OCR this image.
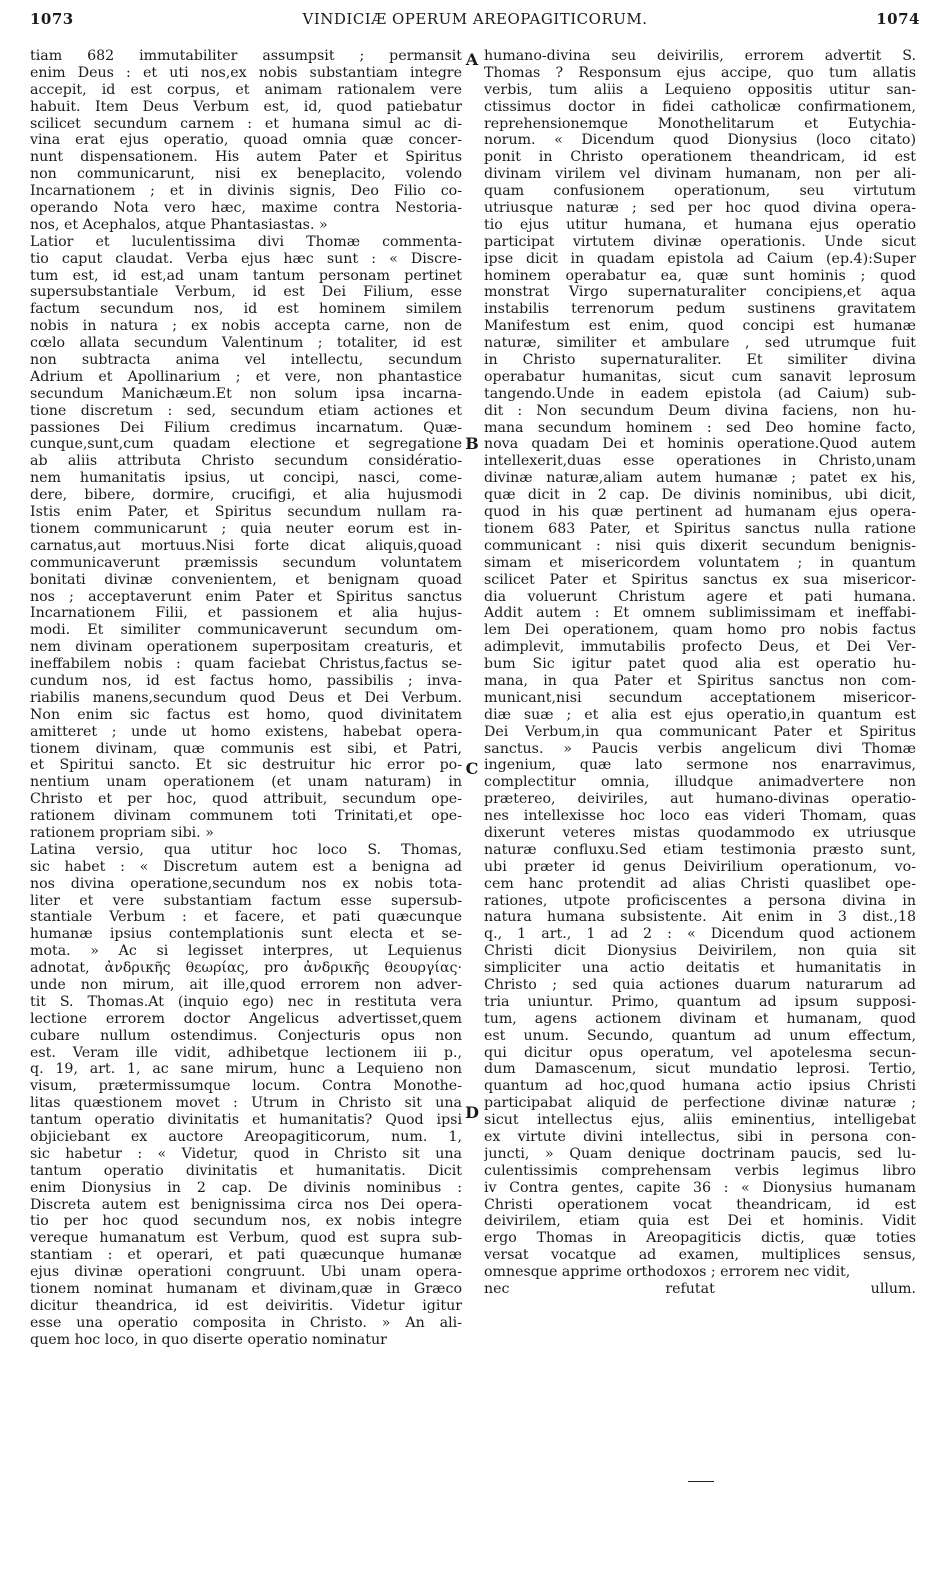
1073	VINDICIÆ OPERUM AREOPAGITICORUM.	1074
tiam 682 immutabiliter assumpsit ; permansit
enim Deus : et uti nos,ex nobis substantiam integre
accepit, id est corpus, et animam rationalem vere
habuit. Item Deus Verbum est, id, quod patiebatur
scilicet secundum carnem : et humana simul ac di-
vina erat ejus operatio, quoad omnia quæ concer-
nunt dispensationem. His autem Pater et Spiritus
non communicarunt, nisi ex beneplacito, volendo
Incarnationem ; et in divinis signis, Deo Filio co-
operando Nota vero hæc, maxime contra Nestoria-
nos, et Acephalos, atque Phantasiastas. »
Latior et luculentissima divi Thomæ commenta-
tio caput claudat. Verba ejus hæc sunt : « Discre-
tum est, id est,ad unam tantum personam pertinet
supersubstantiale Verbum, id est Dei Filium, esse
factum secundum nos, id est hominem similem
nobis in natura ; ex nobis accepta carne, non de
cœlo allata secundum Valentinum ; totaliter, id est
non subtracta anima vel intellectu, secundum
Adrium et Apollinarium ; et vere, non phantastice
secundum Manichæum.Et non solum ipsa incarna-
tione discretum : sed, secundum etiam actiones et
passiones Dei Filium credimus incarnatum. Quæ-
cunque,sunt,cum quadam electione et segregatione
ab aliis attributa Christo secundum considératio-
nem humanitatis ipsius, ut concipi, nasci, come-
dere, bibere, dormire, crucifigi, et alia hujusmodi
Istis enim Pater, et Spiritus secundum nullam ra-
tionem communicarunt ; quia neuter eorum est in-
carnatus,aut mortuus.Nisi forte dicat aliquis,quoad
communicaverunt præmissis secundum voluntatem
bonitati divinæ convenientem, et benignam quoad
nos ; acceptaverunt enim Pater et Spiritus sanctus
Incarnationem Filii, et passionem et alia hujus-
modi. Et similiter communicaverunt secundum om-
nem divinam operationem superpositam creaturis, et
ineffabilem nobis : quam faciebat Christus,factus se-
cundum nos, id est factus homo, passibilis ; inva-
riabilis manens,secundum quod Deus et Dei Verbum.
Non enim sic factus est homo, quod divinitatem
amitteret ; unde ut homo existens, habebat opera-
tionem divinam, quæ communis est sibi, et Patri,
et Spiritui sancto. Et sic destruitur hic error po-
nentium unam operationem (et unam naturam) in
Christo et per hoc, quod attribuit, secundum ope-
rationem divinam communem toti Trinitati,et ope-
rationem propriam sibi. »
Latina versio, qua utitur hoc loco S. Thomas,
sic habet : « Discretum autem est a benigna ad
nos divina operatione,secundum nos ex nobis tota-
liter et vere substantiam factum esse supersub-
stantiale Verbum : et facere, et pati quæcunque
humanæ ipsius contemplationis sunt electa et se-
mota. » Ac si legisset interpres, ut Lequienus
adnotat, ἀνδρικῆς θεωρίας, pro ἀνδρικῆς θεουργίας·
unde non mirum, ait ille,quod errorem non adver-
tit S. Thomas.At (inquio ego) nec in restituta vera
lectione errorem doctor Angelicus advertisset,quem
cubare nullum ostendimus. Conjecturis opus non
est. Veram ille vidit, adhibetque lectionem iii p.,
q. 19, art. 1, ac sane mirum, hunc a Lequieno non
visum, prætermissumque locum. Contra Monothe-
litas quæstionem movet : Utrum in Christo sit una
tantum operatio divinitatis et humanitatis? Quod ipsi
objiciebant ex auctore Areopagiticorum, num. 1,
sic habetur : « Videtur, quod in Christo sit una
tantum operatio divinitatis et humanitatis. Dicit
enim Dionysius in 2 cap. De divinis nominibus :
Discreta autem est benignissima circa nos Dei opera-
tio per hoc quod secundum nos, ex nobis integre
vereque humanatum est Verbum, quod est supra sub-
stantiam : et operari, et pati quæcunque humanæ
ejus divinæ operationi congruunt. Ubi unam opera-
tionem nominat humanam et divinam,quæ in Græco
dicitur theandrica, id est deiviritis. Videtur igitur
esse una operatio composita in Christo. » An ali-
quem hoc loco, in quo diserte operatio nominatur
A
B
C
D
humano-divina seu deivirilis, errorem advertit S.
Thomas ? Responsum ejus accipe, quo tum allatis
verbis, tum aliis a Lequieno oppositis utitur san-
ctissimus doctor in fidei catholicæ confirmationem,
reprehensionemque Monothelitarum et Eutychia-
norum. « Dicendum quod Dionysius (loco citato)
ponit in Christo operationem theandricam, id est
divinam virilem vel divinam humanam, non per ali-
quam confusionem operationum, seu virtutum
utriusque naturæ ; sed per hoc quod divina opera-
tio ejus utitur humana, et humana ejus operatio
participat virtutem divinæ operationis. Unde sicut
ipse dicit in quadam epistola ad Caium (ep.4):Super
hominem operabatur ea, quæ sunt hominis ; quod
monstrat Virgo supernaturaliter concipiens,et aqua
instabilis terrenorum pedum sustinens gravitatem
Manifestum est enim, quod concipi est humanæ
naturæ, similiter et ambulare , sed utrumque fuit
in Christo supernaturaliter. Et similiter divina
operabatur humanitas, sicut cum sanavit leprosum
tangendo.Unde in eadem epistola (ad Caium) sub-
dit : Non secundum Deum divina faciens, non hu-
mana secundum hominem : sed Deo homine facto,
nova quadam Dei et hominis operatione.Quod autem
intellexerit,duas esse operationes in Christo,unam
divinæ naturæ,aliam autem humanæ ; patet ex his,
quæ dicit in 2 cap. De divinis nominibus, ubi dicit,
quod in his quæ pertinent ad humanam ejus opera-
tionem 683 Pater, et Spiritus sanctus nulla ratione
communicant : nisi quis dixerit secundum benignis-
simam et misericordem voluntatem ; in quantum
scilicet Pater et Spiritus sanctus ex sua misericor-
dia voluerunt Christum agere et pati humana.
Addit autem : Et omnem sublimissimam et ineffabi-
lem Dei operationem, quam homo pro nobis factus
adimplevit, immutabilis profecto Deus, et Dei Ver-
bum Sic igitur patet quod alia est operatio hu-
mana, in qua Pater et Spiritus sanctus non com-
municant,nisi secundum acceptationem misericor-
diæ suæ ; et alia est ejus operatio,in quantum est
Dei Verbum,in qua communicant Pater et Spiritus
sanctus. » Paucis verbis angelicum divi Thomæ
ingenium, quæ lato sermone nos enarravimus,
complectitur omnia, illudque animadvertere non
prætereo, deiviriles, aut humano-divinas operatio-
nes intellexisse hoc loco eas videri Thomam, quas
dixerunt veteres mistas quodammodo ex utriusque
naturæ confluxu.Sed etiam testimonia præsto sunt,
ubi præter id genus Deivirilium operationum, vo-
cem hanc protendit ad alias Christi quaslibet ope-
rationes, utpote proficiscentes a persona divina in
natura humana subsistente. Ait enim in 3 dist.,18
q., 1 art., 1 ad 2 : « Dicendum quod actionem
Christi dicit Dionysius Deivirilem, non quia sit
simpliciter una actio deitatis et humanitatis in
Christo ; sed quia actiones duarum naturarum ad
tria uniuntur. Primo, quantum ad ipsum supposi-
tum, agens actionem divinam et humanam, quod
est unum. Secundo, quantum ad unum effectum,
qui dicitur opus operatum, vel apotelesma secun-
dum Damascenum, sicut mundatio leprosi. Tertio,
quantum ad hoc,quod humana actio ipsius Christi
participabat aliquid de perfectione divinæ naturæ ;
sicut intellectus ejus, aliis eminentius, intelligebat
ex virtute divini intellectus, sibi in persona con-
juncti, » Quam denique doctrinam paucis, sed lu-
culentissimis comprehensam verbis legimus libro
iv Contra gentes, capite 36 : « Dionysius humanam
Christi operationem vocat theandricam, id est
deivirilem, etiam quia est Dei et hominis. Vidit
ergo Thomas in Areopagiticis dictis, quæ toties
versat vocatque ad examen, multiplices sensus,
omnesque apprime orthodoxos ; errorem nec vidit,
nec refutat ullum.
